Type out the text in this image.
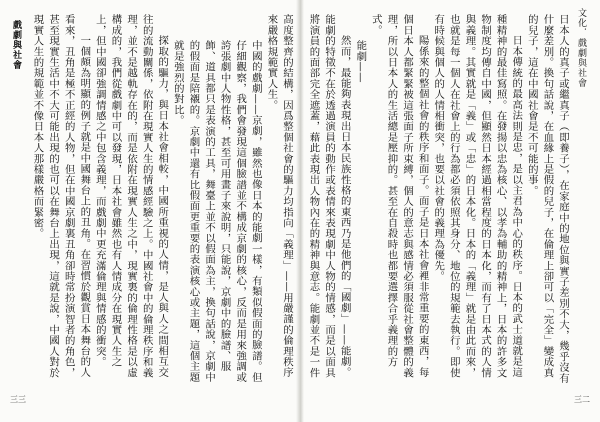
戲劇與社會	高度整齊的結構，因爲整個社會的驅力均指向「義理」——用嚴謹的倫理秩序來嚴格規範實人生。

中國的戲劇——京劇，雖然也像日本的能劇一樣，有類似假面的臉譜。但仔細觀察，我們會發現這個臉譜並不構成京劇的核心，反而是用來強調或誇張劇中人物性格，甚至可用畫子來說明，只能說，京劇中的臉譜、服飾、道具都只是表演的工具，舞臺上並不以假面為主，換句話說，京劇中的假面是陪襯的。京劇中還有比假面更重要的表演核心或主題，這個主題就是強烈的對比。

探取的驅力，與日本社會相較，中國所重視的人情，是人與人之間相互交往的流動關係，依附在現實人生的情感經驗之上。中國社會中的倫理秩序和義理，並不是越軌存在的，而是依附在現實人生之中，現實裏的倫理性格是以虛構成的，我們從戲劇中可以發現，日本社會雖然也有人情成分在現實人生之上，但中國卻強調情感之中包含義理，而戲劇中更充滿倫理與情感的衝突。

一個頗為明顯的例子就是中國舞台上的丑角。在習慣於觀賞日本舞台的人看來，丑角是極不正經的人物，但在中國京劇裏丑角卻時常扮演智者的角色，甚至現實生活中不大可能出現的也可以在舞台上出現，這就是說，中國人對於現實人生的規範並不像日本人那樣嚴格而緊密。

三三
文化．戲劇與社會

日本人的真子或繼真子（即養子），在家庭中的地位與實子差別不大，幾乎沒有什麼差別。換句話說，在血緣上是假的兒子，在倫理上卻可以「完全」變成真的兒子，這在中國社會是不可能的事。

日本傳統的最高法則是忠，是以主君為中心的秩序。日本的武士道就是這種精神的最佳寫照。在發揚以忠為核心、以孝為輔助的精神上，日本的許多文物制度均傳自中國，但顯然日本經過相當程度的日本化，而有了日本式的人情與義理。其實就是「義」或「忠」的日本化。日本的「義理」就是由此而來，也就是每一個人在社會上的行為都必須依照其身分、地位的規範去執行。即使有時候與個人的人情相衝突，也要以社會的義理為優先。

陽係來的整個社會的秩序和面子。面子是日本社會裡非常重要的東西，每個日本人都緊緊被這張面子所束縛，個人的意志與感情必須服從社會整體的義理，所以日本人的生活總是壓抑的。甚至在自殺時也都要選擇合乎義理的方式。

能劇——

然而，最能夠表現出日本民族性格的東西乃是他們的「國劇」——能劇。能劇的特徵不在於透過演員的動作或表情來表現劇中人物的情感，而是以面具將演員的面部完全遮蓋，藉此表現出人物內在的精神與意志。能劇並不是一件

三二
